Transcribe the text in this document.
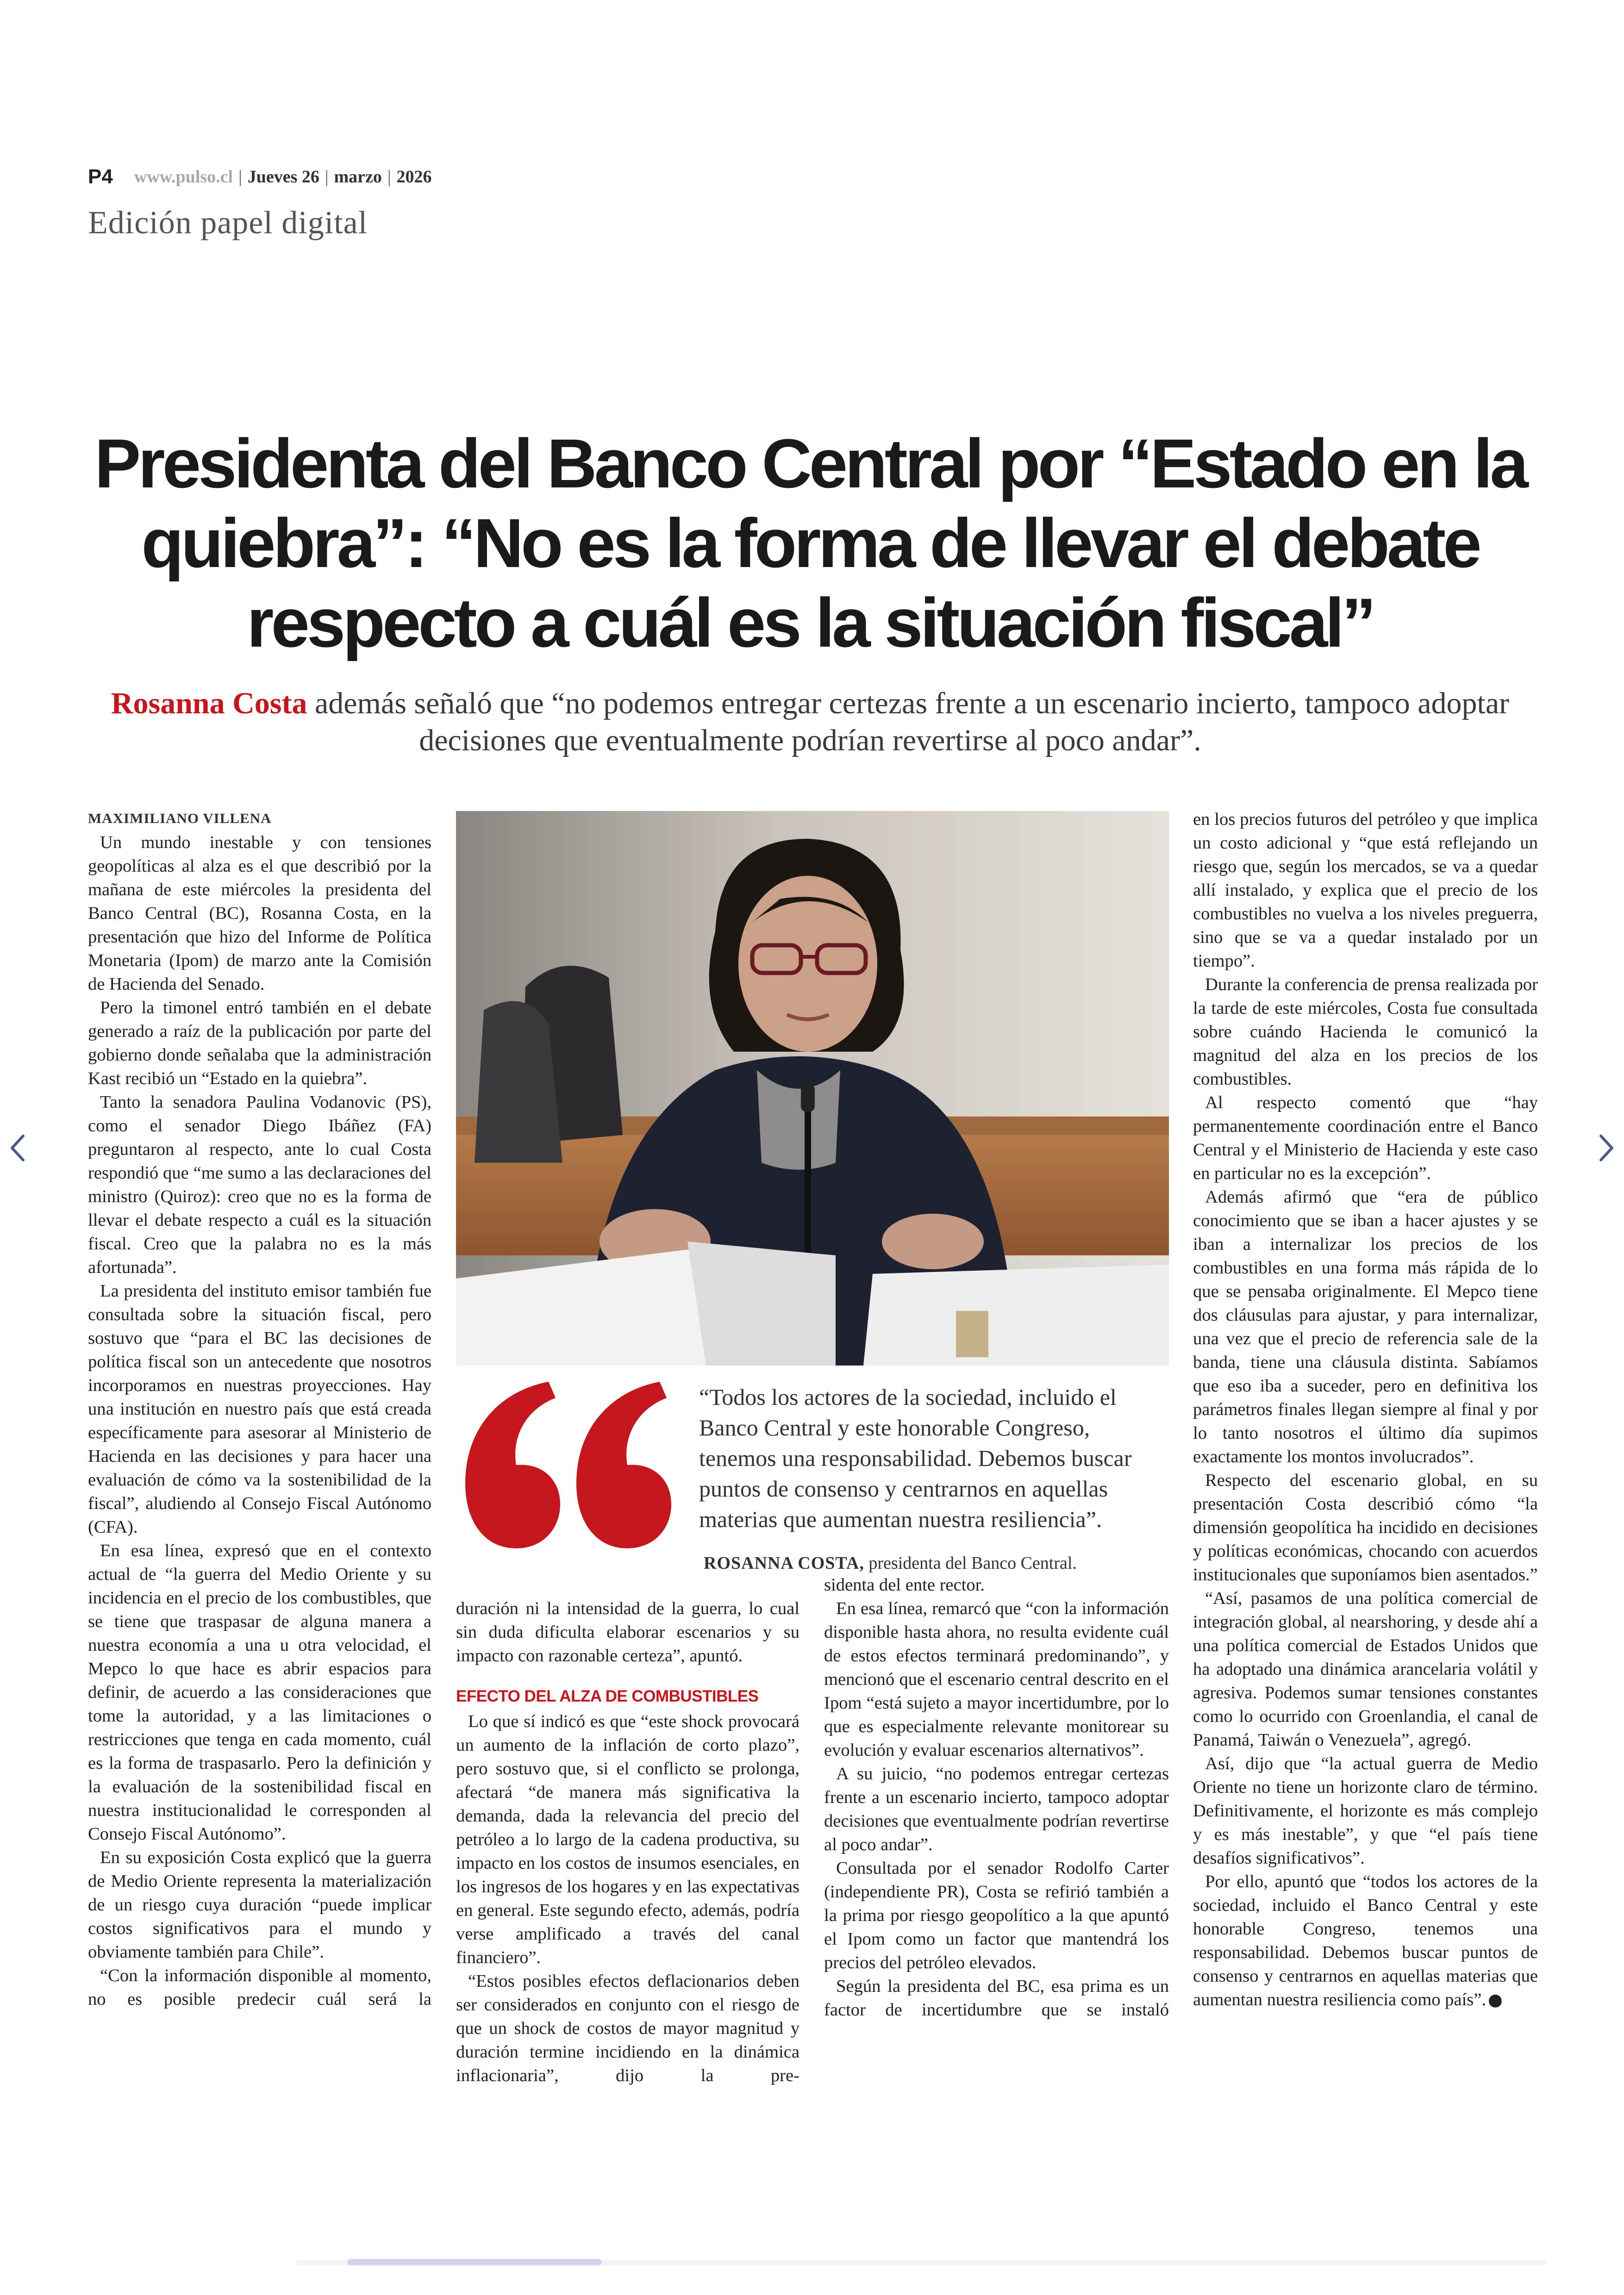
P4 www.pulso.cl | Jueves 26 | marzo | 2026
Edición papel digital
Presidenta del Banco Central por “Estado en la quiebra”: “No es la forma de llevar el debate respecto a cuál es la situación fiscal”
Rosanna Costa además señaló que “no podemos entregar certezas frente a un escenario incierto, tampoco adoptar decisiones que eventualmente podrían revertirse al poco andar”.
MAXIMILIANO VILLENA

Un mundo inestable y con tensiones geopolíticas al alza es el que describió por la mañana de este miércoles la presidenta del Banco Central (BC), Rosanna Costa, en la presentación que hizo del Informe de Política Monetaria (Ipom) de marzo ante la Comisión de Hacienda del Senado.

Pero la timonel entró también en el debate generado a raíz de la publicación por parte del gobierno donde señalaba que la administración Kast recibió un “Estado en la quiebra”.

Tanto la senadora Paulina Vodanovic (PS), como el senador Diego Ibáñez (FA) preguntaron al respecto, ante lo cual Costa respondió que “me sumo a las declaraciones del ministro (Quiroz): creo que no es la forma de llevar el debate respecto a cuál es la situación fiscal. Creo que la palabra no es la más afortunada”.

La presidenta del instituto emisor también fue consultada sobre la situación fiscal, pero sostuvo que “para el BC las decisiones de política fiscal son un antecedente que nosotros incorporamos en nuestras proyecciones. Hay una institución en nuestro país que está creada específicamente para asesorar al Ministerio de Hacienda en las decisiones y para hacer una evaluación de cómo va la sostenibilidad de la fiscal”, aludiendo al Consejo Fiscal Autónomo (CFA).

En esa línea, expresó que en el contexto actual de “la guerra del Medio Oriente y su incidencia en el precio de los combustibles, que se tiene que traspasar de alguna manera a nuestra economía a una u otra velocidad, el Mepco lo que hace es abrir espacios para definir, de acuerdo a las consideraciones que tome la autoridad, y a las limitaciones o restricciones que tenga en cada momento, cuál es la forma de traspasarlo. Pero la definición y la evaluación de la sostenibilidad fiscal en nuestra institucionalidad le corresponden al Consejo Fiscal Autónomo”.

En su exposición Costa explicó que la guerra de Medio Oriente representa la materialización de un riesgo cuya duración “puede implicar costos significativos para el mundo y obviamente también para Chile”.

“Con la información disponible al momento, no es posible predecir cuál será la

“Todos los actores de la sociedad, incluido el Banco Central y este honorable Congreso, tenemos una responsabilidad. Debemos buscar puntos de consenso y centrarnos en aquellas materias que aumentan nuestra resiliencia”.
ROSANNA COSTA, presidenta del Banco Central.

duración ni la intensidad de la guerra, lo cual sin duda dificulta elaborar escenarios y su impacto con razonable certeza”, apuntó.

EFECTO DEL ALZA DE COMBUSTIBLES

Lo que sí indicó es que “este shock provocará un aumento de la inflación de corto plazo”, pero sostuvo que, si el conflicto se prolonga, afectará “de manera más significativa la demanda, dada la relevancia del precio del petróleo a lo largo de la cadena productiva, su impacto en los costos de insumos esenciales, en los ingresos de los hogares y en las expectativas en general. Este segundo efecto, además, podría verse amplificado a través del canal financiero”.

“Estos posibles efectos deflacionarios deben ser considerados en conjunto con el riesgo de que un shock de costos de mayor magnitud y duración termine incidiendo en la dinámica inflacionaria”, dijo la pre-

sidenta del ente rector.

En esa línea, remarcó que “con la información disponible hasta ahora, no resulta evidente cuál de estos efectos terminará predominando”, y mencionó que el escenario central descrito en el Ipom “está sujeto a mayor incertidumbre, por lo que es especialmente relevante monitorear su evolución y evaluar escenarios alternativos”.

A su juicio, “no podemos entregar certezas frente a un escenario incierto, tampoco adoptar decisiones que eventualmente podrían revertirse al poco andar”.

Consultada por el senador Rodolfo Carter (independiente PR), Costa se refirió también a la prima por riesgo geopolítico a la que apuntó el Ipom como un factor que mantendrá los precios del petróleo elevados.

Según la presidenta del BC, esa prima es un factor de incertidumbre que se instaló

en los precios futuros del petróleo y que implica un costo adicional y “que está reflejando un riesgo que, según los mercados, se va a quedar allí instalado, y explica que el precio de los combustibles no vuelva a los niveles preguerra, sino que se va a quedar instalado por un tiempo”.

Durante la conferencia de prensa realizada por la tarde de este miércoles, Costa fue consultada sobre cuándo Hacienda le comunicó la magnitud del alza en los precios de los combustibles.

Al respecto comentó que “hay permanentemente coordinación entre el Banco Central y el Ministerio de Hacienda y este caso en particular no es la excepción”.

Además afirmó que “era de público conocimiento que se iban a hacer ajustes y se iban a internalizar los precios de los combustibles en una forma más rápida de lo que se pensaba originalmente. El Mepco tiene dos cláusulas para ajustar, y para internalizar, una vez que el precio de referencia sale de la banda, tiene una cláusula distinta. Sabíamos que eso iba a suceder, pero en definitiva los parámetros finales llegan siempre al final y por lo tanto nosotros el último día supimos exactamente los montos involucrados”.

Respecto del escenario global, en su presentación Costa describió cómo “la dimensión geopolítica ha incidido en decisiones y políticas económicas, chocando con acuerdos institucionales que suponíamos bien asentados.”

“Así, pasamos de una política comercial de integración global, al nearshoring, y desde ahí a una política comercial de Estados Unidos que ha adoptado una dinámica arancelaria volátil y agresiva. Podemos sumar tensiones constantes como lo ocurrido con Groenlandia, el canal de Panamá, Taiwán o Venezuela”, agregó.

Así, dijo que “la actual guerra de Medio Oriente no tiene un horizonte claro de término. Definitivamente, el horizonte es más complejo y es más inestable”, y que “el país tiene desafíos significativos”.

Por ello, apuntó que “todos los actores de la sociedad, incluido el Banco Central y este honorable Congreso, tenemos una responsabilidad. Debemos buscar puntos de consenso y centrarnos en aquellas materias que aumentan nuestra resiliencia como país”. P
